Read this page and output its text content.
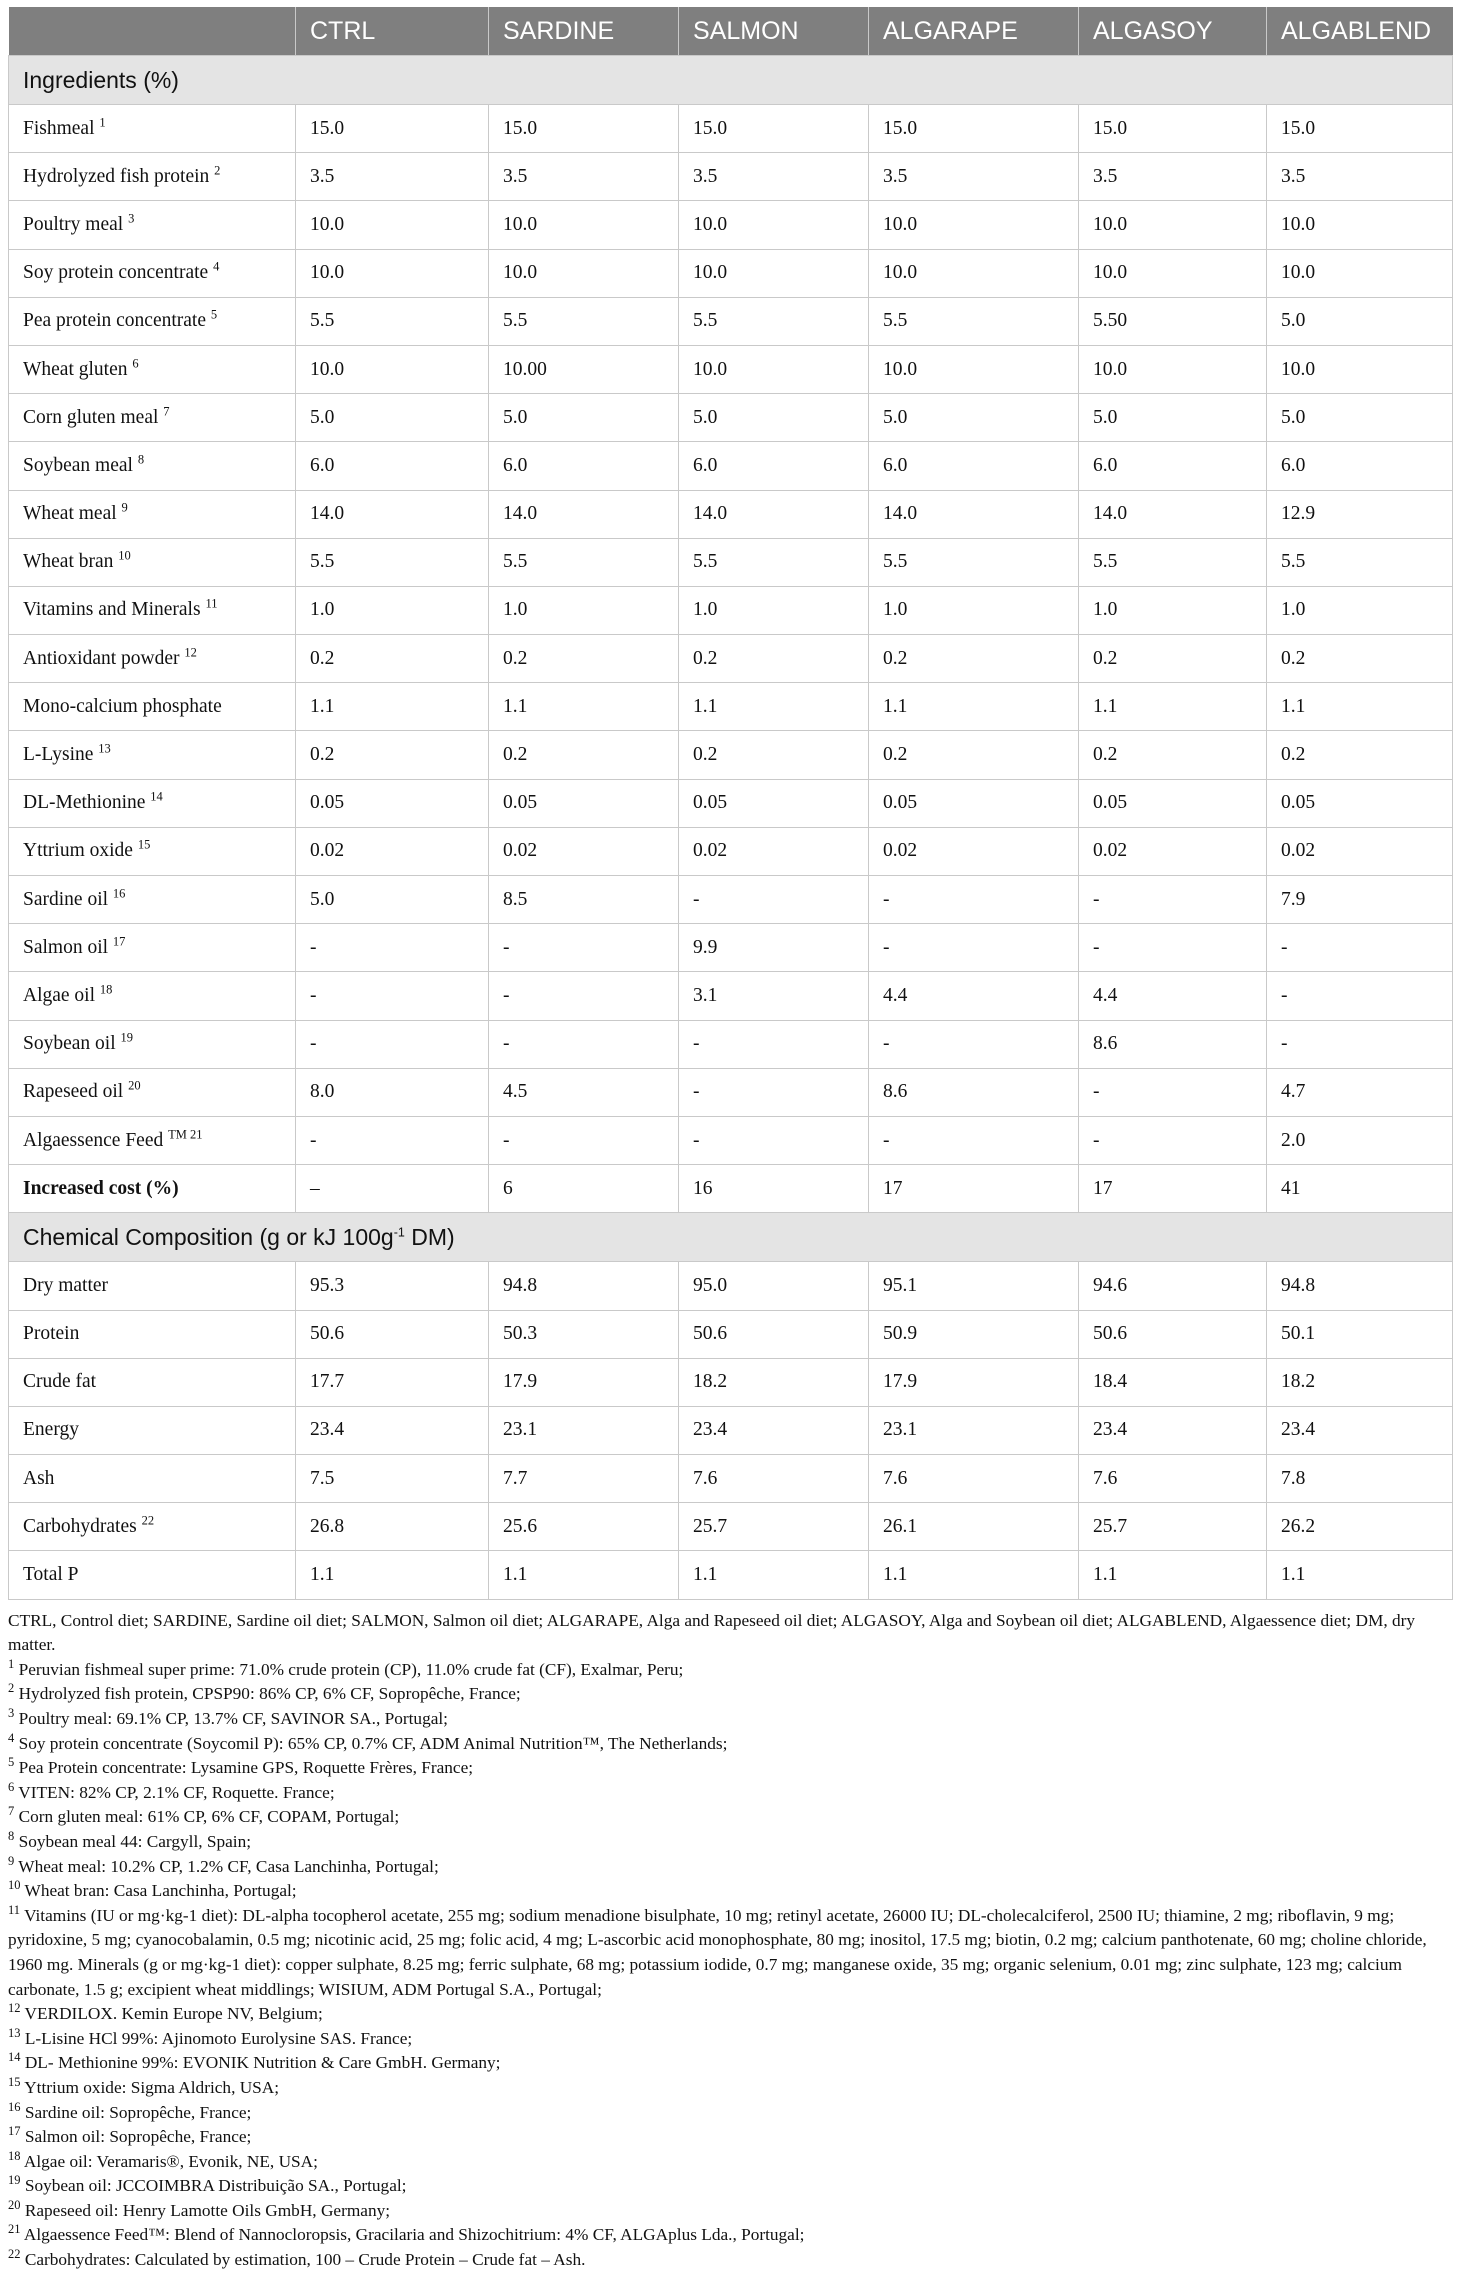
	CTRL	SARDINE	SALMON	ALGARAPE	ALGASOY	ALGABLEND
Ingredients (%)						
Fishmeal $^1$	15.0	15.0	15.0	15.0	15.0	15.0
Hydrolyzed fish protein $^2$	3.5	3.5	3.5	3.5	3.5	3.5
Poultry meal $^3$	10.0	10.0	10.0	10.0	10.0	10.0
Soy protein concentrate $^4$	10.0	10.0	10.0	10.0	10.0	10.0
Pea protein concentrate $^5$	5.5	5.5	5.5	5.5	5.50	5.0
Wheat gluten $^6$	10.0	10.00	10.0	10.0	10.0	10.0
Corn gluten meal $^7$	5.0	5.0	5.0	5.0	5.0	5.0
Soybean meal $^8$	6.0	6.0	6.0	6.0	6.0	6.0
Wheat meal $^9$	14.0	14.0	14.0	14.0	14.0	12.9
Wheat bran $^{10}$	5.5	5.5	5.5	5.5	5.5	5.5
Vitamins and Minerals $^{11}$	1.0	1.0	1.0	1.0	1.0	1.0
Antioxidant powder $^{12}$	0.2	0.2	0.2	0.2	0.2	0.2
Mono-calcium phosphate	1.1	1.1	1.1	1.1	1.1	1.1
L-Lysine $^{13}$	0.2	0.2	0.2	0.2	0.2	0.2
DL-Methionine $^{14}$	0.05	0.05	0.05	0.05	0.05	0.05
Yttrium oxide $^{15}$	0.02	0.02	0.02	0.02	0.02	0.02
Sardine oil $^{16}$	5.0	8.5	-	-	-	7.9
Salmon oil $^{17}$	-	-	9.9	-	-	-
Algae oil $^{18}$	-	-	3.1	4.4	4.4	-
Soybean oil $^{19}$	-	-	-	-	8.6	-
Rapeseed oil $^{20}$	8.0	4.5	-	8.6	-	4.7
Algaessence Feed $^{TM 21}$	-	-	-	-	-	2.0
Increased cost (%)	–	6	16	17	17	41
Chemical Composition (g or kJ $100g^{-1}$ DM)						
Dry matter	95.3	94.8	95.0	95.1	94.6	94.8
Protein	50.6	50.3	50.6	50.9	50.6	50.1
Crude fat	17.7	17.9	18.2	17.9	18.4	18.2
Energy	23.4	23.1	23.4	23.1	23.4	23.4
Ash	7.5	7.7	7.6	7.6	7.6	7.8
Carbohydrates $^{22}$	26.8	25.6	25.7	26.1	25.7	26.2
Total P	1.1	1.1	1.1	1.1	1.1	1.1

CTRL, Control diet; SARDINE, Sardine oil diet; SALMON, Salmon oil diet; ALGARAPE, Alga and Rapeseed oil diet; ALGASOY, Alga and Soybean oil diet; ALGABLEND, Algaessence diet; DM, dry matter.

$^1$ Peruvian fishmeal super prime: 71.0% crude protein (CP), 11.0% crude fat (CF), Exalmar, Peru;

$^2$ Hydrolyzed fish protein, CPSP90: 86% CP, 6% CF, Sopropêche, France;

$^3$ Poultry meal: 69.1% CP, 13.7% CF, SAVINOR SA., Portugal;

$^4$ Soy protein concentrate (Soycomil P): 65% CP, 0.7% CF, ADM Animal Nutrition™, The Netherlands;

$^5$ Pea Protein concentrate: Lysamine GPS, Roquette Frères, France;

$^6$ VITEN: 82% CP, 2.1% CF, Roquette. France;

$^7$ Corn gluten meal: 61% CP, 6% CF, COPAM, Portugal;

$^8$ Soybean meal 44: Cargyll, Spain;

$^9$ Wheat meal: 10.2% CP, 1.2% CF, Casa Lanchinha, Portugal;

$^{10}$ Wheat bran: Casa Lanchinha, Portugal;

$^{11}$ Vitamins (IU or mg·kg-1 diet): DL-alpha tocopherol acetate, 255 mg; sodium menadione bisulphate, 10 mg; retinyl acetate, 26000 IU; DL-cholecalciferol, 2500 IU; thiamine, 2 mg; riboflavin, 9 mg; pyridoxine, 5 mg; cyanocobalamin, 0.5 mg; nicotinic acid, 25 mg; folic acid, 4 mg; L-ascorbic acid monophosphate, 80 mg; inositol, 17.5 mg; biotin, 0.2 mg; calcium panthotenate, 60 mg; choline chloride, 1960 mg. Minerals (g or mg·kg-1 diet): copper sulphate, 8.25 mg; ferric sulphate, 68 mg; potassium iodide, 0.7 mg; manganese oxide, 35 mg; organic selenium, 0.01 mg; zinc sulphate, 123 mg; calcium carbonate, 1.5 g; excipient wheat middlings; WISIUM, ADM Portugal S.A., Portugal;

$^{12}$ VERDILOX. Kemin Europe NV, Belgium;

$^{13}$ L-Lisine HCl 99%: Ajinomoto Eurolysine SAS. France;

$^{14}$ DL- Methionine 99%: EVONIK Nutrition & Care GmbH. Germany;

$^{15}$ Yttrium oxide: Sigma Aldrich, USA;

$^{16}$ Sardine oil: Sopropêche, France;

$^{17}$ Salmon oil: Sopropêche, France;

$^{18}$ Algae oil: Veramaris®, Evonik, NE, USA;

$^{19}$ Soybean oil: JCCOIMBRA Distribuição SA., Portugal;

$^{20}$ Rapeseed oil: Henry Lamotte Oils GmbH, Germany;

$^{21}$ Algaessence Feed™: Blend of Nannocloropsis, Gracilaria and Shizochitrium: 4% CF, ALGAplus Lda., Portugal;

$^{22}$ Carbohydrates: Calculated by estimation, 100 – Crude Protein – Crude fat – Ash.
